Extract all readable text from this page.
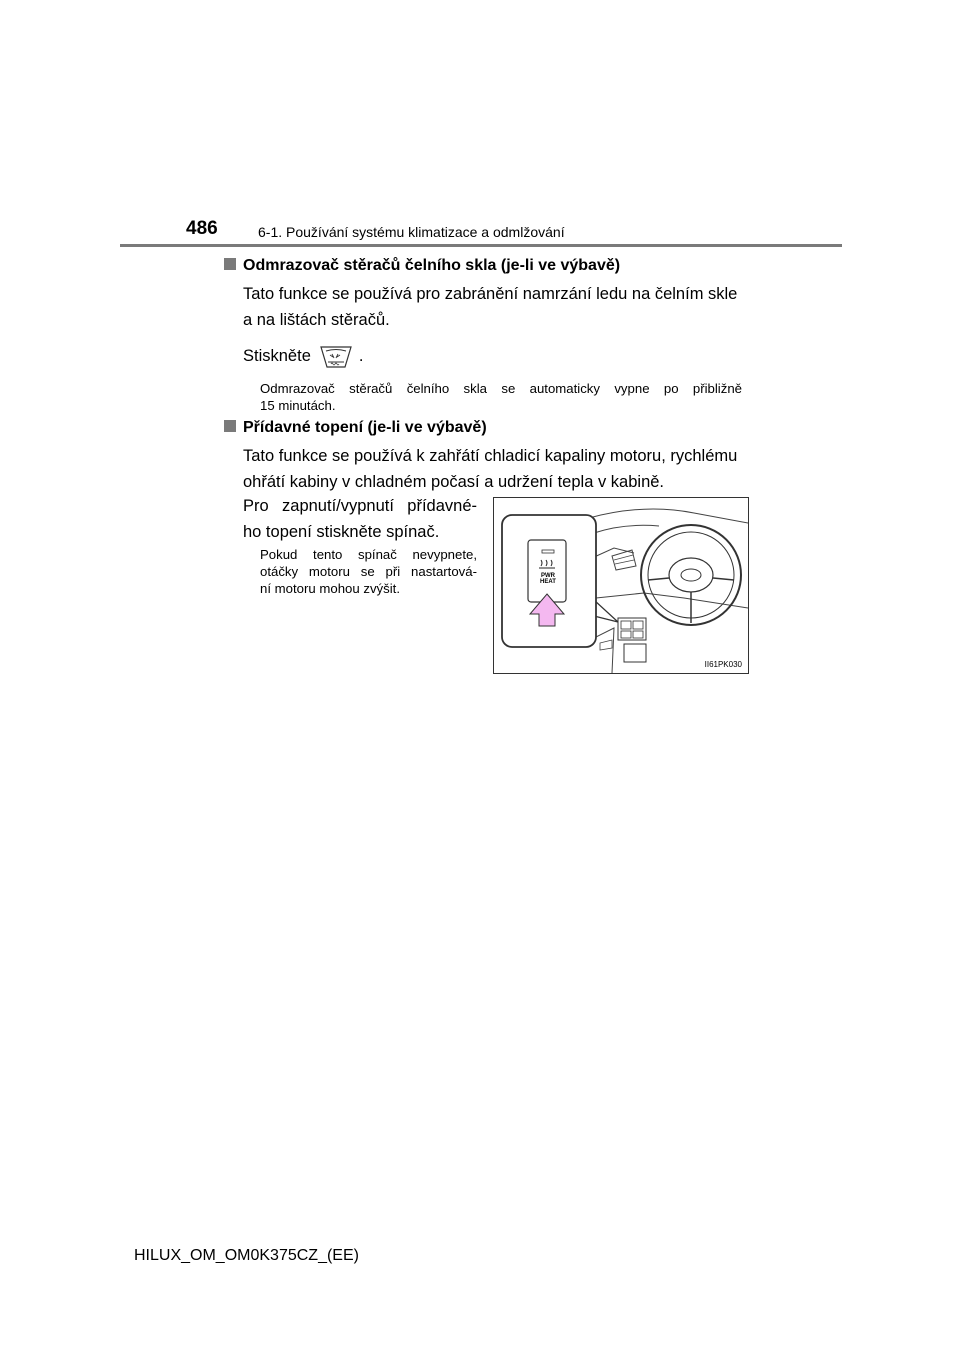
486	6-1. Používání systému klimatizace a odmlžování
Odmrazovač stěračů čelního skla (je-li ve výbavě)
Tato funkce se používá pro zabránění namrzání ledu na čelním skle
a na lištách stěračů.
Stiskněte	.
Odmrazovač stěračů čelního skla se automaticky vypne po přibližně
15 minutách.
Přídavné topení (je-li ve výbavě)
Tato funkce se používá k zahřátí chladicí kapaliny motoru, rychlému
ohřátí kabiny v chladném počasí a udržení tepla v kabině.
Pro zapnutí/vypnutí přídavné-
ho topení stiskněte spínač.
Pokud tento spínač nevypnete,
otáčky motoru se při nastartová-
ní motoru mohou zvýšit.
PWR
HEAT
II61PK030
HILUX_OM_OM0K375CZ_(EE)
